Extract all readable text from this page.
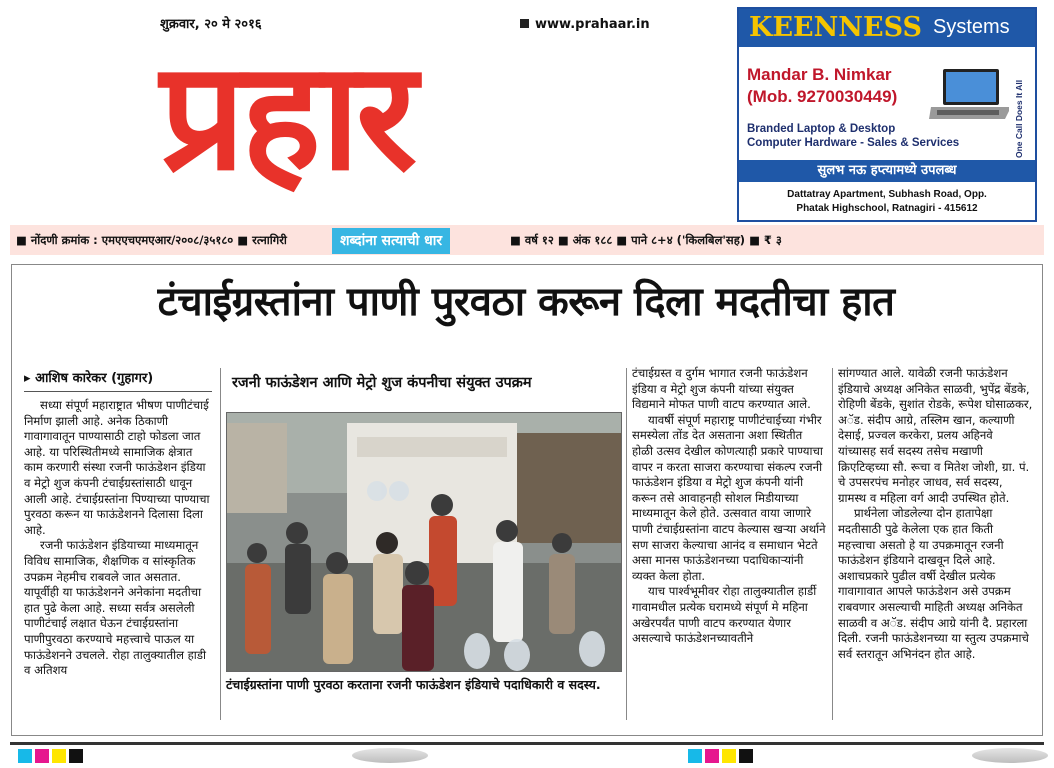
शुक्रवार, २० मे २०१६	www.prahaar.in
प्रहार
KEENNESS Systems
Mandar B. Nimkar
(Mob. 9270030449)
Branded Laptop & Desktop
Computer Hardware - Sales & Services	One Call Does It All
सुलभ नऊ हप्त्यामध्ये उपलब्ध
Dattatray Apartment, Subhash Road, Opp.
Phatak Highschool, Ratnagiri - 415612
■ नोंदणी क्रमांक : एमएएचएमएआर/२००८/३५१८० ■ रत्नागिरी	शब्दांना सत्याची धार	■ वर्ष १२ ■ अंक १८८ ■ पाने ८+४ ('किलबिल'सह) ■ ₹ ३
टंचाईग्रस्तांना पाणी पुरवठा करून दिला मदतीचा हात
▸ आशिष कारेकर (गुहागर)

सध्या संपूर्ण महाराष्ट्रात भीषण पाणीटंचाई निर्माण झाली आहे. अनेक ठिकाणी गावागावातून पाण्यासाठी टाहो फोडला जात आहे. या परिस्थितीमध्ये सामाजिक क्षेत्रात काम करणारी संस्था रजनी फाऊंडेशन इंडिया व मेट्रो शुज कंपनी टंचाईग्रस्तांसाठी धावून आली आहे. टंचाईग्रस्तांना पिण्याच्या पाण्याचा पुरवठा करून या फाऊंडेशनने दिलासा दिला आहे.

रजनी फाऊंडेशन इंडियाच्या माध्यमातून विविध सामाजिक, शैक्षणिक व सांस्कृतिक उपक्रम नेहमीच राबवले जात असतात. यापूर्वीही या फाऊंडेशनने अनेकांना मदतीचा हात पुढे केला आहे. सध्या सर्वत्र असलेली पाणीटंचाई लक्षात घेऊन टंचाईग्रस्तांना पाणीपुरवठा करण्याचे महत्त्वाचे पाऊल या फाऊंडेशनने उचलले. रोहा तालुक्यातील हाडी व अतिशय

रजनी फाऊंडेशन आणि मेट्रो शुज कंपनीचा संयुक्त उपक्रम
टंचाईग्रस्तांना पाणी पुरवठा करताना रजनी फाऊंडेशन इंडियाचे पदाधिकारी व सदस्य.

टंचाईग्रस्त व दुर्गम भागात रजनी फाऊंडेशन इंडिया व मेट्रो शुज कंपनी यांच्या संयुक्त विद्यमाने मोफत पाणी वाटप करण्यात आले.

यावर्षी संपूर्ण महाराष्ट्र पाणीटंचाईच्या गंभीर समस्येला तोंड देत असताना अशा स्थितीत होळी उत्सव देखील कोणत्याही प्रकारे पाण्याचा वापर न करता साजरा करण्याचा संकल्प रजनी फाऊंडेशन इंडिया व मेट्रो शुज कंपनी यांनी करून तसे आवाहनही सोशल मिडीयाच्या माध्यमातून केले होते. उत्सवात वाया जाणारे पाणी टंचाईग्रस्तांना वाटप केल्यास खऱ्या अर्थाने सण साजरा केल्याचा आनंद व समाधान भेटते असा मानस फाऊंडेशनच्या पदाधिकाऱ्यांनी व्यक्त केला होता.

याच पार्श्वभूमीवर रोहा तालुक्यातील हार्डी गावामधील प्रत्येक घरामध्ये संपूर्ण मे महिना अखेरपर्यंत पाणी वाटप करण्यात येणार असल्याचे फाऊंडेशनच्यावतीने

सांगण्यात आले. यावेळी रजनी फाऊंडेशन इंडियाचे अध्यक्ष अनिकेत साळवी, भुपेंद्र बेंडके, रोहिणी बेंडके, सुशांत रोडके, रूपेश घोसाळकर, अॅड. संदीप आग्रे, तस्लिम खान, कल्याणी देसाई, प्रज्वल करकेरा, प्रलय अहिनवे यांच्यासह सर्व सदस्य तसेच मखाणी क्रिएटिव्हच्या सौ. रूचा व मितेश जोशी, ग्रा. पं. चे उपसरपंच मनोहर जाधव, सर्व सदस्य, ग्रामस्थ व महिला वर्ग आदी उपस्थित होते.

प्रार्थनेला जोडलेल्या दोन हातापेक्षा मदतीसाठी पुढे केलेला एक हात किती महत्त्वाचा असतो हे या उपक्रमातून रजनी फाऊंडेशन इंडियाने दाखवून दिले आहे. अशाचप्रकारे पुढील वर्षी देखील प्रत्येक गावागावात आपले फाऊंडेशन असे उपक्रम राबवणार असल्याची माहिती अध्यक्ष अनिकेत साळवी व अॅड. संदीप आग्रे यांनी दै. प्रहारला दिली. रजनी फाऊंडेशनच्या या स्तुत्य उपक्रमाचे सर्व स्तरातून अभिनंदन होत आहे.
